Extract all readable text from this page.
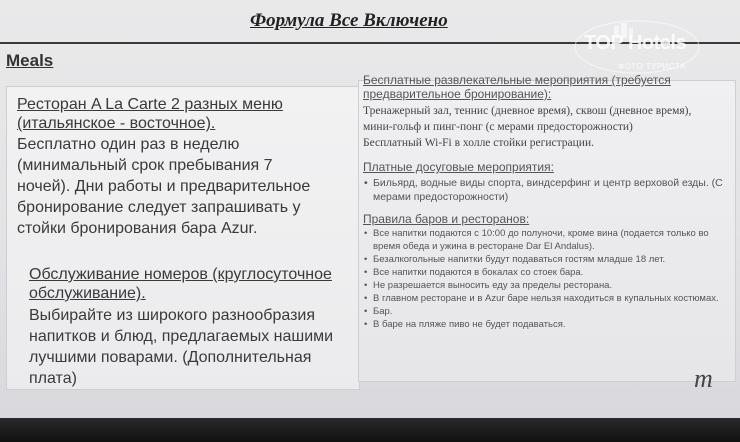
Формула Все Включено
TOP Hotels
ФОТО ТУРИСТА
Meals
Ресторан A La Carte 2 разных меню
(итальянское - восточное).
Бесплатно один раз в неделю
(минимальный срок пребывания 7
ночей). Дни работы и предварительное
бронирование следует запрашивать у
стойки бронирования бара Azur.
Обслуживание номеров (круглосуточное
обслуживание).
Выбирайте из широкого разнообразия
напитков и блюд, предлагаемых нашими
лучшими поварами. (Дополнительная
плата)
Бесплатные развлекательные мероприятия (требуется
предварительное бронирование):
Тренажерный зал, теннис (дневное время), сквош (дневное время),
мини-гольф и пинг-понг (с мерами предосторожности)
Бесплатный Wi-Fi в холле стойки регистрации.
Платные досуговые мероприятия:
• Бильярд, водные виды спорта, виндсерфинг и центр верховой езды. (С мерами предосторожности)
Правила баров и ресторанов:
• Все напитки подаются с 10:00 до полуночи, кроме вина (подается только во время обеда и ужина в ресторане Dar El Andalus).
• Безалкогольные напитки будут подаваться гостям младше 18 лет.
• Все напитки подаются в бокалах со стоек бара.
• Не разрешается выносить еду за пределы ресторана.
• В главном ресторане и в Azur баре нельзя находиться в купальных костюмах.
• Бар.
• В баре на пляже пиво не будет подаваться.
m
